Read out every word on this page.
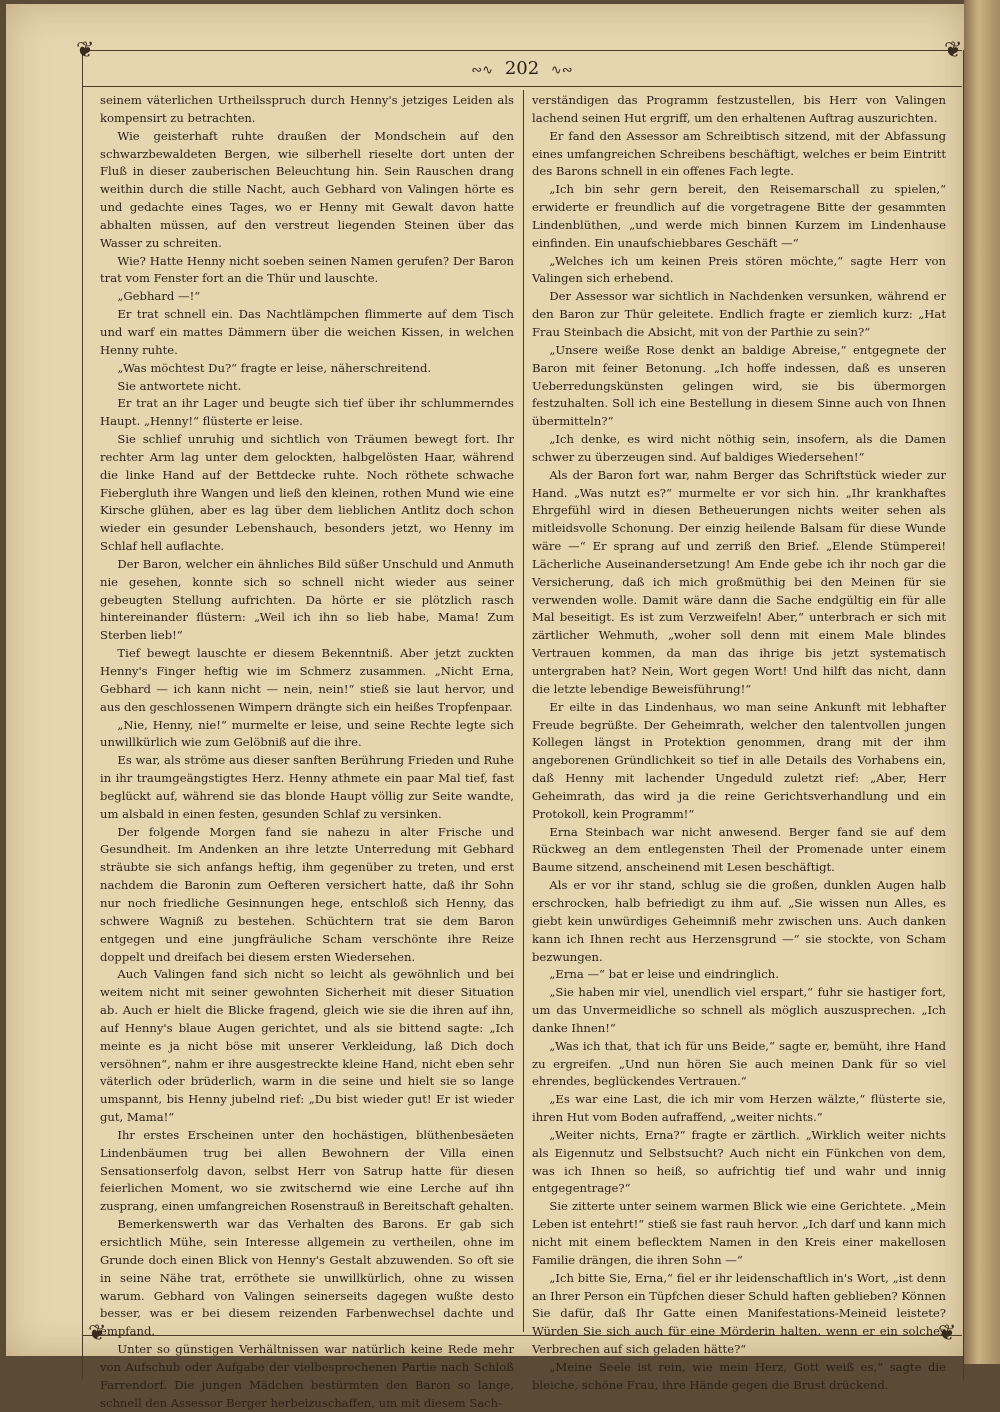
❦	❦
❦	❦
∾∿ 202 ∿∾

seinem väterlichen Urtheilsspruch durch Henny's jetziges Leiden als kompensirt zu betrachten.

Wie geisterhaft ruhte draußen der Mondschein auf den schwarzbewaldeten Bergen, wie silberhell rieselte dort unten der Fluß in dieser zauberischen Beleuchtung hin. Sein Rauschen drang weithin durch die stille Nacht, auch Gebhard von Valingen hörte es und gedachte eines Tages, wo er Henny mit Gewalt davon hatte abhalten müssen, auf den verstreut liegenden Steinen über das Wasser zu schreiten.

Wie? Hatte Henny nicht soeben seinen Namen gerufen? Der Baron trat vom Fenster fort an die Thür und lauschte.

„Gebhard —!“

Er trat schnell ein. Das Nachtlämpchen flimmerte auf dem Tisch und warf ein mattes Dämmern über die weichen Kissen, in welchen Henny ruhte.

„Was möchtest Du?“ fragte er leise, näherschreitend.

Sie antwortete nicht.

Er trat an ihr Lager und beugte sich tief über ihr schlummerndes Haupt. „Henny!“ flüsterte er leise.

Sie schlief unruhig und sichtlich von Träumen bewegt fort. Ihr rechter Arm lag unter dem gelockten, halbgelösten Haar, während die linke Hand auf der Bettdecke ruhte. Noch röthete schwache Fiebergluth ihre Wangen und ließ den kleinen, rothen Mund wie eine Kirsche glühen, aber es lag über dem lieblichen Antlitz doch schon wieder ein gesunder Lebenshauch, besonders jetzt, wo Henny im Schlaf hell auflachte.

Der Baron, welcher ein ähnliches Bild süßer Unschuld und Anmuth nie gesehen, konnte sich so schnell nicht wieder aus seiner gebeugten Stellung aufrichten. Da hörte er sie plötzlich rasch hintereinander flüstern: „Weil ich ihn so lieb habe, Mama! Zum Sterben lieb!“

Tief bewegt lauschte er diesem Bekenntniß. Aber jetzt zuckten Henny's Finger heftig wie im Schmerz zusammen. „Nicht Erna, Gebhard — ich kann nicht — nein, nein!“ stieß sie laut hervor, und aus den geschlossenen Wimpern drängte sich ein heißes Tropfenpaar.

„Nie, Henny, nie!“ murmelte er leise, und seine Rechte legte sich unwillkürlich wie zum Gelöbniß auf die ihre.

Es war, als ströme aus dieser sanften Berührung Frieden und Ruhe in ihr traumgeängstigtes Herz. Henny athmete ein paar Mal tief, fast beglückt auf, während sie das blonde Haupt völlig zur Seite wandte, um alsbald in einen festen, gesunden Schlaf zu versinken.

Der folgende Morgen fand sie nahezu in alter Frische und Gesundheit. Im Andenken an ihre letzte Unterredung mit Gebhard sträubte sie sich anfangs heftig, ihm gegenüber zu treten, und erst nachdem die Baronin zum Oefteren versichert hatte, daß ihr Sohn nur noch friedliche Gesinnungen hege, entschloß sich Henny, das schwere Wagniß zu bestehen. Schüchtern trat sie dem Baron entgegen und eine jungfräuliche Scham verschönte ihre Reize doppelt und dreifach bei diesem ersten Wiedersehen.

Auch Valingen fand sich nicht so leicht als gewöhnlich und bei weitem nicht mit seiner gewohnten Sicherheit mit dieser Situation ab. Auch er hielt die Blicke fragend, gleich wie sie die ihren auf ihn, auf Henny's blaue Augen gerichtet, und als sie bittend sagte: „Ich meinte es ja nicht böse mit unserer Verkleidung, laß Dich doch versöhnen“, nahm er ihre ausgestreckte kleine Hand, nicht eben sehr väterlich oder brüderlich, warm in die seine und hielt sie so lange umspannt, bis Henny jubelnd rief: „Du bist wieder gut! Er ist wieder gut, Mama!“

Ihr erstes Erscheinen unter den hochästigen, blüthenbesäeten Lindenbäumen trug bei allen Bewohnern der Villa einen Sensationserfolg davon, selbst Herr von Satrup hatte für diesen feierlichen Moment, wo sie zwitschernd wie eine Lerche auf ihn zusprang, einen umfangreichen Rosenstrauß in Bereitschaft gehalten.

Bemerkenswerth war das Verhalten des Barons. Er gab sich ersichtlich Mühe, sein Interesse allgemein zu vertheilen, ohne im Grunde doch einen Blick von Henny's Gestalt abzuwenden. So oft sie in seine Nähe trat, erröthete sie unwillkürlich, ohne zu wissen warum. Gebhard von Valingen seinerseits dagegen wußte desto besser, was er bei diesem reizenden Farbenwechsel dachte und empfand.

Unter so günstigen Verhältnissen war natürlich keine Rede mehr von Aufschub oder Aufgabe der vielbesprochenen Partie nach Schloß Farrendorf. Die jungen Mädchen bestürmten den Baron so lange, schnell den Assessor Berger herbeizuschaffen, um mit diesem Sach-

verständigen das Programm festzustellen, bis Herr von Valingen lachend seinen Hut ergriff, um den erhaltenen Auftrag auszurichten.

Er fand den Assessor am Schreibtisch sitzend, mit der Abfassung eines umfangreichen Schreibens beschäftigt, welches er beim Eintritt des Barons schnell in ein offenes Fach legte.

„Ich bin sehr gern bereit, den Reisemarschall zu spielen,“ erwiderte er freundlich auf die vorgetragene Bitte der gesammten Lindenblüthen, „und werde mich binnen Kurzem im Lindenhause einfinden. Ein unaufschiebbares Geschäft —“

„Welches ich um keinen Preis stören möchte,“ sagte Herr von Valingen sich erhebend.

Der Assessor war sichtlich in Nachdenken versunken, während er den Baron zur Thür geleitete. Endlich fragte er ziemlich kurz: „Hat Frau Steinbach die Absicht, mit von der Parthie zu sein?“

„Unsere weiße Rose denkt an baldige Abreise,“ entgegnete der Baron mit feiner Betonung. „Ich hoffe indessen, daß es unseren Ueberredungskünsten gelingen wird, sie bis übermorgen festzuhalten. Soll ich eine Bestellung in diesem Sinne auch von Ihnen übermitteln?“

„Ich denke, es wird nicht nöthig sein, insofern, als die Damen schwer zu überzeugen sind. Auf baldiges Wiedersehen!“

Als der Baron fort war, nahm Berger das Schriftstück wieder zur Hand. „Was nutzt es?“ murmelte er vor sich hin. „Ihr krankhaftes Ehrgefühl wird in diesen Betheuerungen nichts weiter sehen als mitleidsvolle Schonung. Der einzig heilende Balsam für diese Wunde wäre —“ Er sprang auf und zerriß den Brief. „Elende Stümperei! Lächerliche Auseinandersetzung! Am Ende gebe ich ihr noch gar die Versicherung, daß ich mich großmüthig bei den Meinen für sie verwenden wolle. Damit wäre dann die Sache endgültig ein für alle Mal beseitigt. Es ist zum Verzweifeln! Aber,“ unterbrach er sich mit zärtlicher Wehmuth, „woher soll denn mit einem Male blindes Vertrauen kommen, da man das ihrige bis jetzt systematisch untergraben hat? Nein, Wort gegen Wort! Und hilft das nicht, dann die letzte lebendige Beweisführung!“

Er eilte in das Lindenhaus, wo man seine Ankunft mit lebhafter Freude begrüßte. Der Geheimrath, welcher den talentvollen jungen Kollegen längst in Protektion genommen, drang mit der ihm angeborenen Gründlichkeit so tief in alle Details des Vorhabens ein, daß Henny mit lachender Ungeduld zuletzt rief: „Aber, Herr Geheimrath, das wird ja die reine Gerichtsverhandlung und ein Protokoll, kein Programm!“

Erna Steinbach war nicht anwesend. Berger fand sie auf dem Rückweg an dem entlegensten Theil der Promenade unter einem Baume sitzend, anscheinend mit Lesen beschäftigt.

Als er vor ihr stand, schlug sie die großen, dunklen Augen halb erschrocken, halb befriedigt zu ihm auf. „Sie wissen nun Alles, es giebt kein unwürdiges Geheimniß mehr zwischen uns. Auch danken kann ich Ihnen recht aus Herzensgrund —“ sie stockte, von Scham bezwungen.

„Erna —“ bat er leise und eindringlich.

„Sie haben mir viel, unendlich viel erspart,“ fuhr sie hastiger fort, um das Unvermeidliche so schnell als möglich auszusprechen. „Ich danke Ihnen!“

„Was ich that, that ich für uns Beide,“ sagte er, bemüht, ihre Hand zu ergreifen. „Und nun hören Sie auch meinen Dank für so viel ehrendes, beglückendes Vertrauen.“

„Es war eine Last, die ich mir vom Herzen wälzte,“ flüsterte sie, ihren Hut vom Boden aufraffend, „weiter nichts.“

„Weiter nichts, Erna?“ fragte er zärtlich. „Wirklich weiter nichts als Eigennutz und Selbstsucht? Auch nicht ein Fünkchen von dem, was ich Ihnen so heiß, so aufrichtig tief und wahr und innig entgegentrage?“

Sie zitterte unter seinem warmen Blick wie eine Gerichtete. „Mein Leben ist entehrt!“ stieß sie fast rauh hervor. „Ich darf und kann mich nicht mit einem beflecktem Namen in den Kreis einer makellosen Familie drängen, die ihren Sohn —“

„Ich bitte Sie, Erna,“ fiel er ihr leidenschaftlich in's Wort, „ist denn an Ihrer Person ein Tüpfchen dieser Schuld haften geblieben? Können Sie dafür, daß Ihr Gatte einen Manifestations-Meineid leistete? Würden Sie sich auch für eine Mörderin halten, wenn er ein solches Verbrechen auf sich geladen hätte?“

„Meine Seele ist rein, wie mein Herz, Gott weiß es,“ sagte die bleiche, schöne Frau, ihre Hände gegen die Brust drückend.
